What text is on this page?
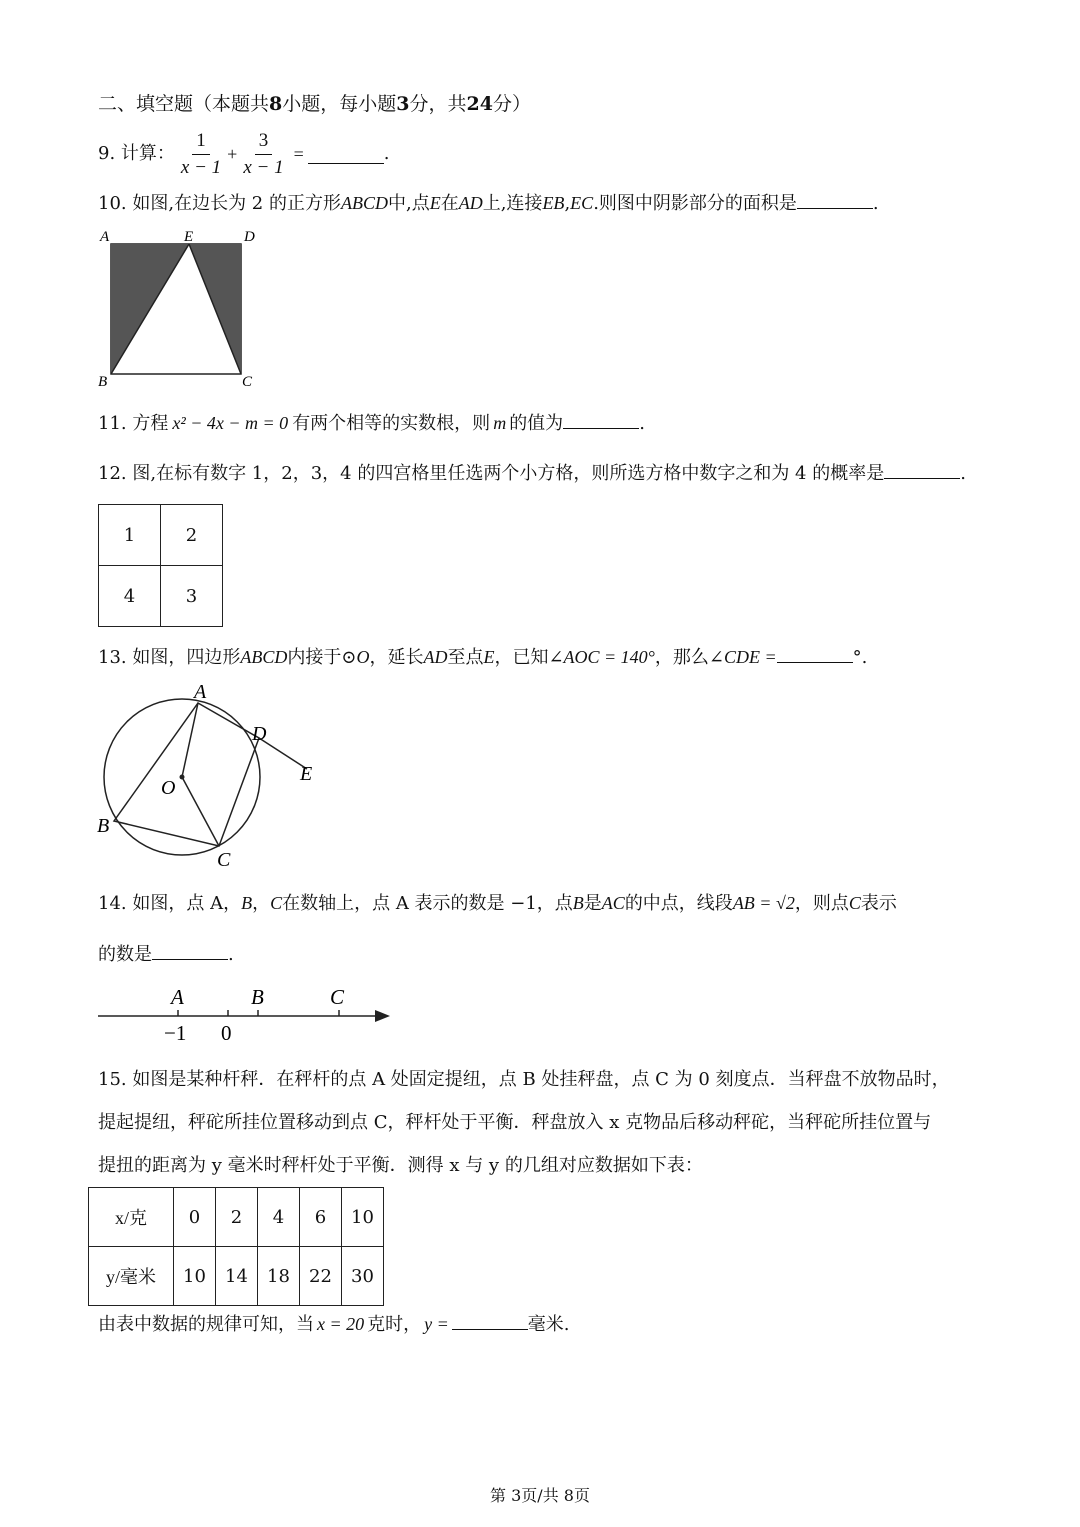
二、填空题（本题共8小题，每小题3分，共24分）
9. 计算： $\frac{1}{x - 1} + \frac{3}{x - 1}$ =	.
10. 如图,在边长为 2 的正方形ABCD中,点E在AD上,连接EB,EC.则图中阴影部分的面积是	.
A	E	D
B	C
11. 方程 x² − 4x − m = 0 有两个相等的实数根，则 m 的值为	.
12. 图,在标有数字 1，2，3，4 的四宫格里任选两个小方格，则所选方格中数字之和为 4 的概率是	.
1	2
4	3
13. 如图，四边形ABCD内接于⊙O，延长AD至点E，已知∠AOC = 140°，那么∠CDE =	°.
A
D
E
O
B
C
14. 如图，点 A，B，C在数轴上，点 A 表示的数是 −1，点B是AC的中点，线段AB = √2，则点C表示
的数是	.
A	B	C
−1 0
15. 如图是某种杆秤．在秤杆的点 A 处固定提纽，点 B 处挂秤盘，点 C 为 0 刻度点．当秤盘不放物品时，
提起提纽，秤砣所挂位置移动到点 C，秤杆处于平衡．秤盘放入 x 克物品后移动秤砣，当秤砣所挂位置与
提扭的距离为 y 毫米时秤杆处于平衡．测得 x 与 y 的几组对应数据如下表：
x/克	0	2	4	6	10
y/毫米	10	14	18	22	30
由表中数据的规律可知，当 x = 20 克时， y =	毫米.
第 3页/共 8页
